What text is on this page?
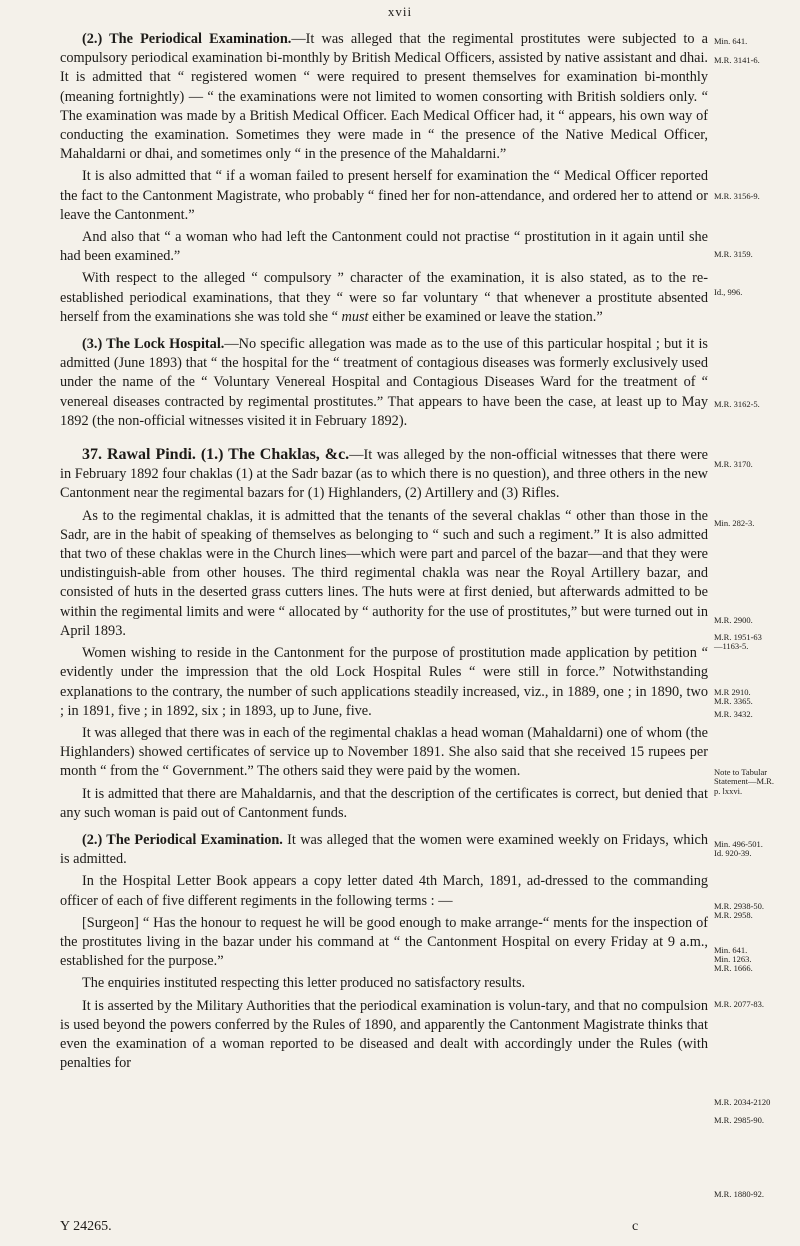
xvii

(2.) The Periodical Examination.—It was alleged that the regimental prostitutes were subjected to a compulsory periodical examination bi-monthly by British Medical Officers, assisted by native assistant and dhai. It is admitted that “ registered women “ were required to present themselves for examination bi-monthly (meaning fortnightly) — “ the examinations were not limited to women consorting with British soldiers only. “ The examination was made by a British Medical Officer. Each Medical Officer had, it “ appears, his own way of conducting the examination. Sometimes they were made in “ the presence of the Native Medical Officer, Mahaldarni or dhai, and sometimes only “ in the presence of the Mahaldarni.”

It is also admitted that “ if a woman failed to present herself for examination the “ Medical Officer reported the fact to the Cantonment Magistrate, who probably “ fined her for non-attendance, and ordered her to attend or leave the Cantonment.”

And also that “ a woman who had left the Cantonment could not practise “ prostitution in it again until she had been examined.”

With respect to the alleged “ compulsory ” character of the examination, it is also stated, as to the re-established periodical examinations, that they “ were so far voluntary “ that whenever a prostitute absented herself from the examinations she was told she “ must either be examined or leave the station.”

(3.) The Lock Hospital.—No specific allegation was made as to the use of this particular hospital ; but it is admitted (June 1893) that “ the hospital for the “ treatment of contagious diseases was formerly exclusively used under the name of the “ Voluntary Venereal Hospital and Contagious Diseases Ward for the treatment of “ venereal diseases contracted by regimental prostitutes.” That appears to have been the case, at least up to May 1892 (the non-official witnesses visited it in February 1892).

37. Rawal Pindi. (1.) The Chaklas, &c.—It was alleged by the non-official witnesses that there were in February 1892 four chaklas (1) at the Sadr bazar (as to which there is no question), and three others in the new Cantonment near the regimental bazars for (1) Highlanders, (2) Artillery and (3) Rifles.

As to the regimental chaklas, it is admitted that the tenants of the several chaklas “ other than those in the Sadr, are in the habit of speaking of themselves as belonging to “ such and such a regiment.” It is also admitted that two of these chaklas were in the Church lines—which were part and parcel of the bazar—and that they were undistinguish-able from other houses. The third regimental chakla was near the Royal Artillery bazar, and consisted of huts in the deserted grass cutters lines. The huts were at first denied, but afterwards admitted to be within the regimental limits and were “ allocated by “ authority for the use of prostitutes,” but were turned out in April 1893.

Women wishing to reside in the Cantonment for the purpose of prostitution made application by petition “ evidently under the impression that the old Lock Hospital Rules “ were still in force.” Notwithstanding explanations to the contrary, the number of such applications steadily increased, viz., in 1889, one ; in 1890, two ; in 1891, five ; in 1892, six ; in 1893, up to June, five.

It was alleged that there was in each of the regimental chaklas a head woman (Mahaldarni) one of whom (the Highlanders) showed certificates of service up to November 1891. She also said that she received 15 rupees per month “ from the “ Government.” The others said they were paid by the women.

It is admitted that there are Mahaldarnis, and that the description of the certificates is correct, but denied that any such woman is paid out of Cantonment funds.

(2.) The Periodical Examination. It was alleged that the women were examined weekly on Fridays, which is admitted.

In the Hospital Letter Book appears a copy letter dated 4th March, 1891, ad-dressed to the commanding officer of each of five different regiments in the following terms : —

[Surgeon] “ Has the honour to request he will be good enough to make arrange-“ ments for the inspection of the prostitutes living in the bazar under his command at “ the Cantonment Hospital on every Friday at 9 a.m., established for the purpose.”

The enquiries instituted respecting this letter produced no satisfactory results.

It is asserted by the Military Authorities that the periodical examination is volun-tary, and that no compulsion is used beyond the powers conferred by the Rules of 1890, and apparently the Cantonment Magistrate thinks that even the examination of a woman reported to be diseased and dealt with accordingly under the Rules (with penalties for

Min. 641.
M.R. 3141-6.
M.R. 3156-9.
M.R. 3159.
Id., 996.
M.R. 3162-5.
M.R. 3170.
Min. 282-3.
M.R. 2900.
M.R. 1951-63
—1163-5.
M.R 2910.
M.R. 3365.
M.R. 3432.
Note to Tabular
Statement—M.R.
p. lxxvi.
Min. 496-501.
Id. 920-39.
M.R. 2938-50.
M.R. 2958.
Min. 641.
Min. 1263.
M.R. 1666.
M.R. 2077-83.
M.R. 2034-2120
M.R. 2985-90.
M.R. 1880-92.
Y 24265.	c
